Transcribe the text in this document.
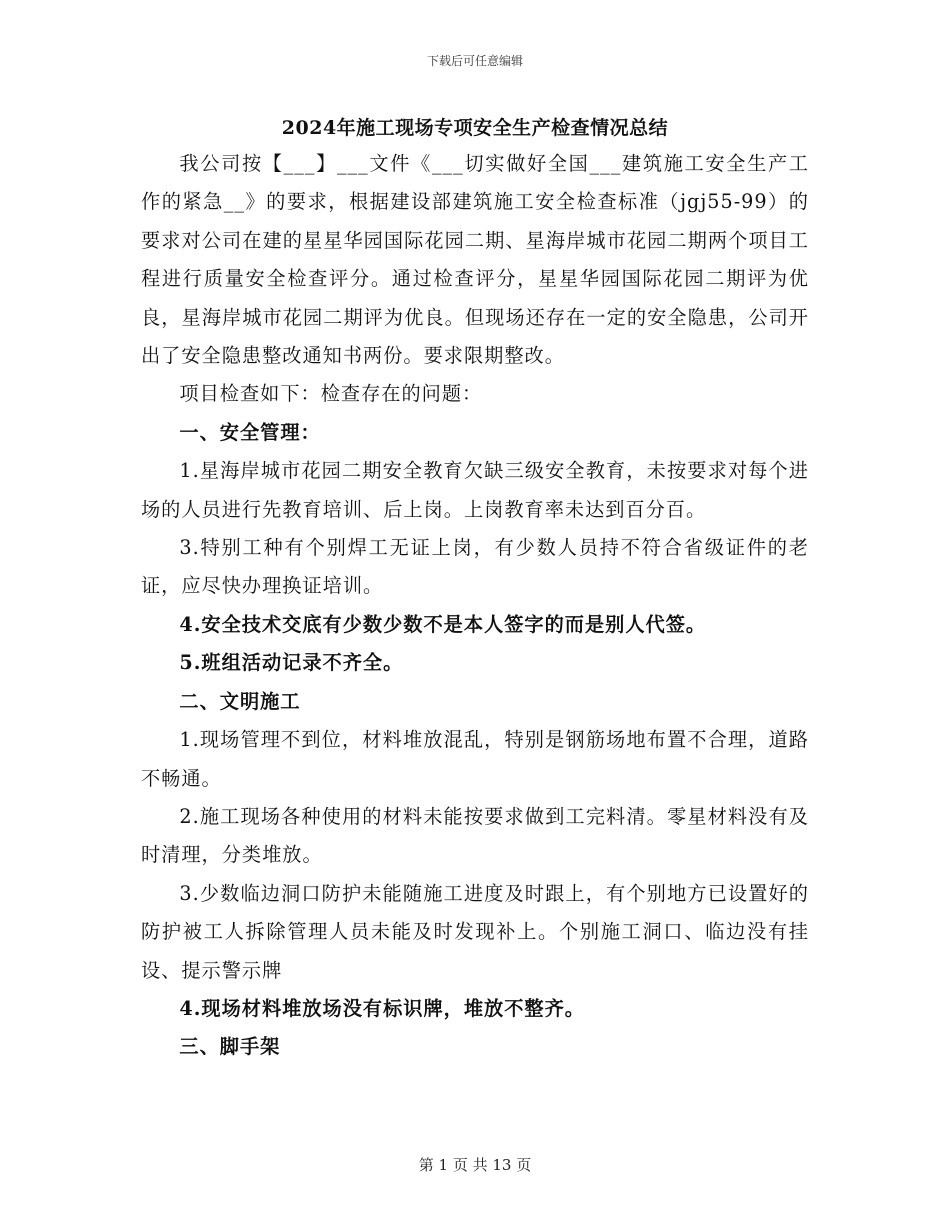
下载后可任意编辑
2024年施工现场专项安全生产检查情况总结

我公司按【___】___文件《___切实做好全国___建筑施工安全生产工作的紧急__》的要求，根据建设部建筑施工安全检查标准（jgj55-99）的要求对公司在建的星星华园国际花园二期、星海岸城市花园二期两个项目工程进行质量安全检查评分。通过检查评分，星星华园国际花园二期评为优良，星海岸城市花园二期评为优良。但现场还存在一定的安全隐患，公司开出了安全隐患整改通知书两份。要求限期整改。

项目检查如下：检查存在的问题：

一、安全管理：

1.星海岸城市花园二期安全教育欠缺三级安全教育，未按要求对每个进场的人员进行先教育培训、后上岗。上岗教育率未达到百分百。

3.特别工种有个别焊工无证上岗，有少数人员持不符合省级证件的老证，应尽快办理换证培训。

4.安全技术交底有少数少数不是本人签字的而是别人代签。

5.班组活动记录不齐全。

二、文明施工

1.现场管理不到位，材料堆放混乱，特别是钢筋场地布置不合理，道路不畅通。

2.施工现场各种使用的材料未能按要求做到工完料清。零星材料没有及时清理，分类堆放。

3.少数临边洞口防护未能随施工进度及时跟上，有个别地方已设置好的防护被工人拆除管理人员未能及时发现补上。个别施工洞口、临边没有挂设、提示警示牌

4.现场材料堆放场没有标识牌，堆放不整齐。

三、脚手架

第 1 页 共 13 页
